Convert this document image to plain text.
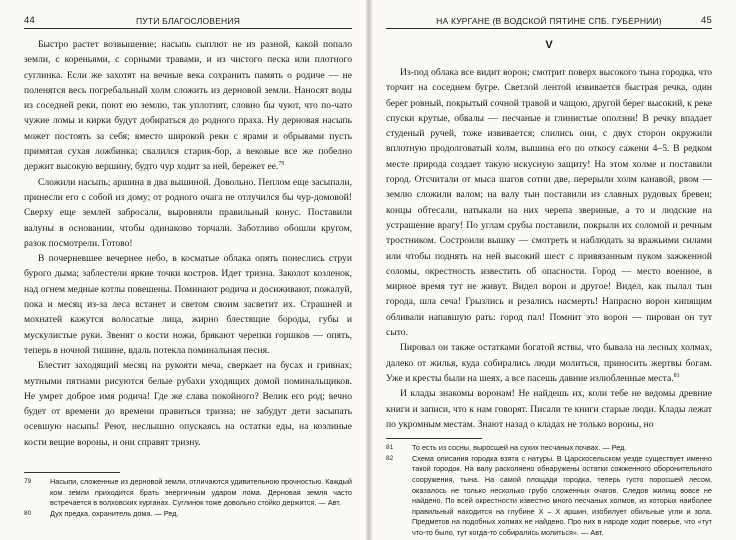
44	ПУТИ БЛАГОСЛОВЕНИЯ

Быстро растет возвышение; насыпь сыплют не из разной, какой попало земли, с кореньями, с сорными травами, и из чистого песка или плотного суглинка. Если же захотят на вечные века сохранить память о родиче — не поленятся весь погребальный холм сложить из дерновой земли. Наносят воды из соседней реки, поют ею землю, так уплотнят, словно бы чуют, что по-чато чужие ломы и кирки будут добираться до родного праха. Ну дерновая насыпь может постоять за себя; вместо широкой реки с ярами и обрывами пусть примятая сухая ложбинка; свалился старик-бор, а вековые все же побелно держит высокую вершину, будто чур ходит за ней, бережет ее.$^{79}$

Сложили насыпь; аршина в два вышиной. Довольно. Пеплом еще засыпали, принесли его с собой из дому; от родного очага не отлучился бы чур-домовой! Сверху еще землей забросали, выровняли правильный конус. Поставили валуны в основании, чтобы одинаково торчали. Заботливо обошли кругом, разок посмотрели. Готово!

В почерневшее вечернее небо, в косматые облака опять понеслись струи бурого дыма; заблестели яркие точки костров. Идет тризна. Заколот козленок, над огнем медные котлы повешены. Поминают родича и досиживают, пожалуй, пока и месяц из-за леса встанет и светом своим засветит их. Страшней и мохнатей кажутся волосатые лица, жирно блестящие бороды, губы и мускулистые руки. Звенят о кости ножи, брякают черепки горшков — опять, теперь в ночной тишине, вдаль потекла поминальная песня.

Блестит заходящий месяц на рукояти меча, сверкает на бусах и гривнах; мутными пятнами рисуются белые рубахи уходящих домой поминальщиков. Не умрет доброе имя родича! Где же слава покойного? Велик его род; вечно будет от времени до времени правиться тризна; не забудут дети засыпать осевшую насыпь! Реют, неслышно опускаясь на остатки еды, на козлиные кости вещие вороны, и они справят тризну.

79	Насыпи, сложенные из дерновой земли, отличаются удивительною прочностью. Каждый ком земли приходится брать энергичным ударом лома. Дерновая земля часто встречается в волховских курганах. Суглинок тоже довольно стойко держится. — Авт.
80	Дух предка, охранитель дома. — Ред.
НА КУРГАНЕ (В ВОДСКОЙ ПЯТИНЕ СПБ. ГУБЕРНИИ)	45
V

Из-под облака все видит ворон; смотрит поверх высокого тына городка, что торчит на соседнем бугре. Светлой лентой извивается быстрая речка, один берег ровный, покрытый сочной травой и чащою, другой берег высокий, к реке спуски крутые, обвалы — песчаные и глинистые оползни! В речку впадает студеный ручей, тоже извивается; слились они, с двух сторон окружили вплотную продолговатый холм, вышина его по откосу сажени 4–5. В редком месте природа создает такую искусную защиту! На этом холме и поставили город. Отсчитали от мыса шагов сотни две, перерыли холм канавой, рвом — землю сложили валом; на валу тын поставили из славных рудовых бревен; концы обтесали, натыкали на них черепа звериные, а то и людские на устрашение врагу! По углам срубы поставили, покрыли их соломой и речным тростником. Состроили вышку — смотреть и наблюдать за вражьими силами или чтобы поднять на ней высокий шест с привязанным пуком зажженной соломы, окрестность известить об опасности. Город — место военное, в мирное время тут не живут. Видел ворон и другое! Видел, как пылал тын города, шла сеча! Грызлись и резались насмерть! Напрасно ворон кипящим обливали напавшую рать: город пал! Помнит это ворон — пирован он тут сыто.

Пировал он также остатками богатой яствы, что бывала на лесных холмах, далеко от жилья, куда собирались люди молиться, приносить жертвы богам. Уже и кресты были на шеях, а все пасешь давние излюбленные места.$^{81}$

И клады знакомы воронам! Не найдешь их, коли тебе не ведомы древние книги и записи, что к нам говорят. Писали те книги старые люди. Клады лежат по укромным местам. Знают назад о кладах не только вороны, но

81	То есть из сосны, выросшей на сухих песчаных почвах. — Ред.
82	Схема описания городка взята с натуры. В Царскосельском уезде существует именно такой городок. На валу расколяено обнаружены остатки сожженного оборонительного сооружения, тына. На самой площади городка, теперь густо поросшей лесом, оказалось не только несколько грубо сложенных очагов. Следов жилищ вовсе не найдено. По всей окрестности известно много песчаных холмов, из которых наиболее правильный находится на глубине Х – Х аршин, изобилует обильные угли и зола. Предметов на подобных холмах не найдено. Про них в народе ходит поверье, что «тут что-то было, тут когда-то собирались молиться». — Авт.
